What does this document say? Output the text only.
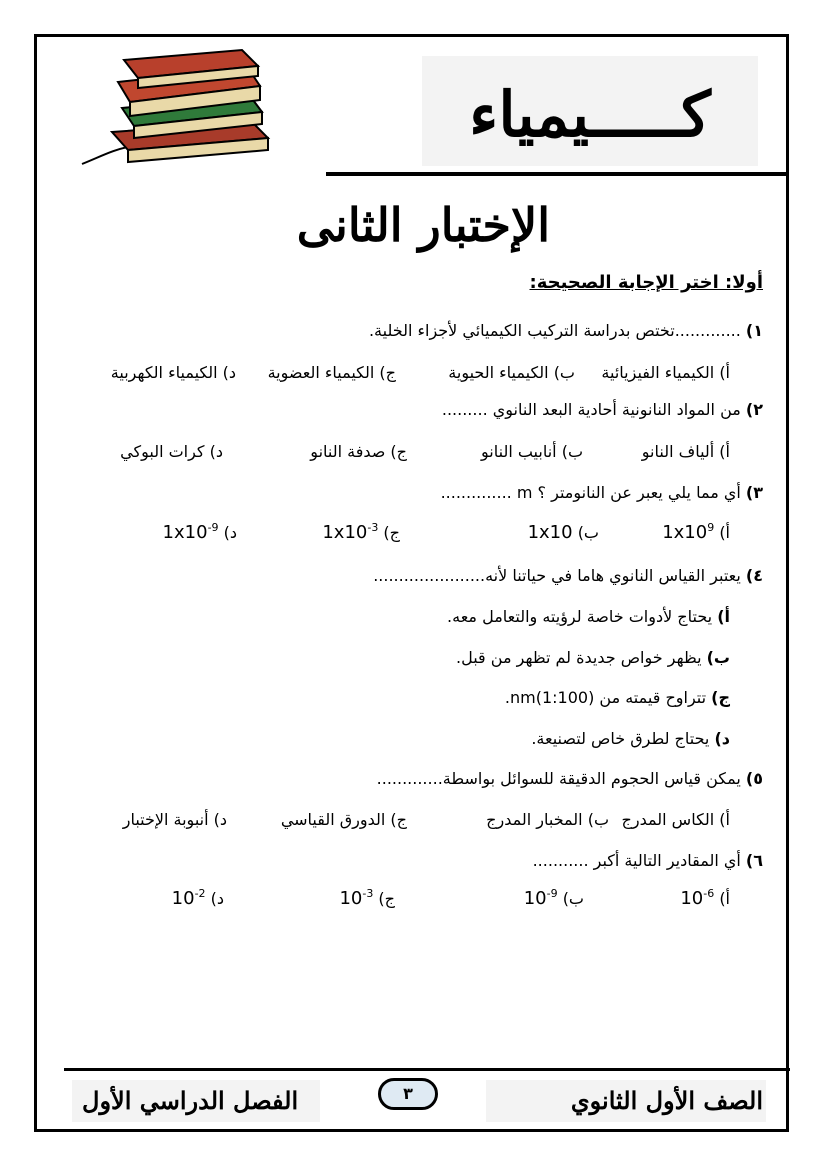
كـــــيمياء
الإختبار الثانى
أولا: اختر الإجابة الصحيحة:
١) .............تختص بدراسة التركيب الكيميائي لأجزاء الخلية.
أ) الكيمياء الفيزيائية
ب) الكيمياء الحيوية
ج) الكيمياء العضوية
د) الكيمياء الكهربية
٢) من المواد النانونية أحادية البعد النانوي .........
أ) ألياف النانو
ب) أنابيب النانو
ج) صدفة النانو
د) كرات البوكي
٣) أي مما يلي يعبر عن النانومتر ؟ m ..............
أ) $1x10^9$
ب) 1x10
ج) $1x10^{-3}$
د) $1x10^{-9}$
٤) يعتبر القياس النانوي هاما في حياتنا لأنه......................
أ) يحتاج لأدوات خاصة لرؤيته والتعامل معه.
ب) يظهر خواص جديدة لم تظهر من قبل.
ج) تتراوح قيمته من (1:100)nm.
د) يحتاج لطرق خاص لتصنيعة.
٥) يمكن قياس الحجوم الدقيقة للسوائل بواسطة.............
أ) الكاس المدرج
ب) المخبار المدرج
ج) الدورق القياسي
د) أنبوبة الإختبار
٦) أي المقادير التالية أكبر ...........
أ) $10^{-6}$
ب) $10^{-9}$
ج) $10^{-3}$
د) $10^{-2}$
الصف الأول الثانوي
٣
الفصل الدراسي الأول
